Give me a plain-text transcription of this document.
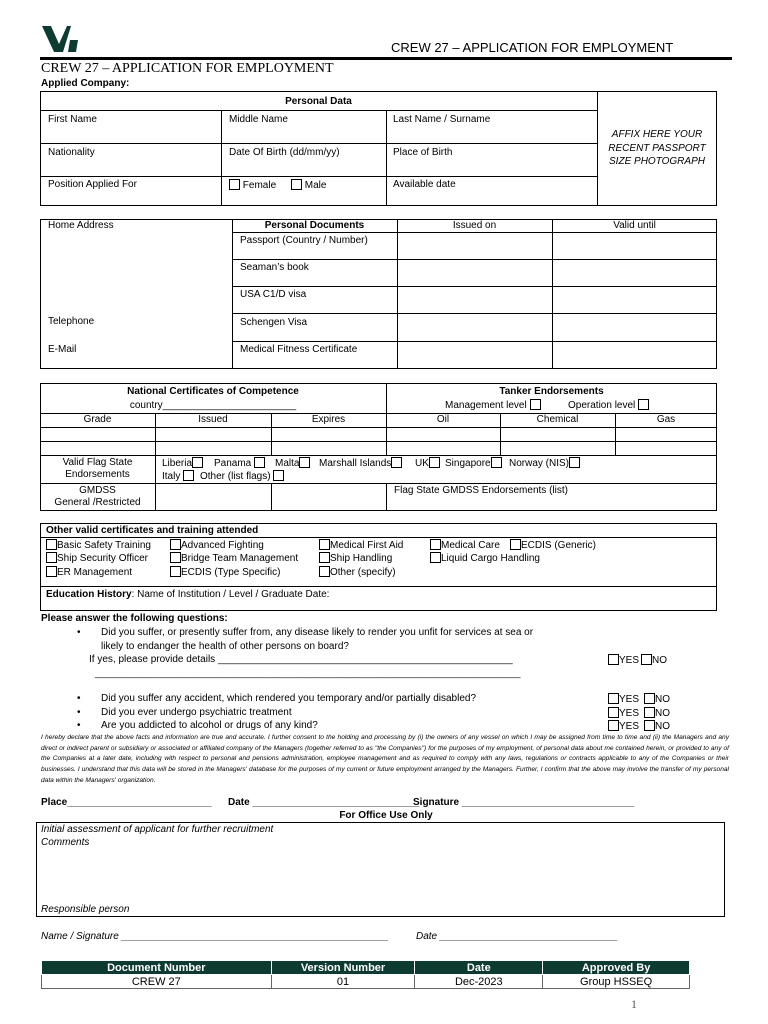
CREW 27 – APPLICATION FOR EMPLOYMENT
CREW 27 – APPLICATION FOR EMPLOYMENT
Applied Company:
Personal Data
First Name	Middle Name	Last Name / Surname
Nationality	Date Of Birth (dd/mm/yy)	Place of Birth
Position Applied For	Female	Male	Available date
AFFIX HERE YOUR
RECENT PASSPORT
SIZE PHOTOGRAPH
Home Address
Telephone
E-Mail
Personal Documents	Issued on	Valid until
Passport (Country / Number)
Seaman’s book
USA C1/D visa
Schengen Visa
Medical Fitness Certificate
National Certificates of Competence
country________________________
Tanker Endorsements
Management level	Operation level
Grade	Issued	Expires	Oil	Chemical	Gas
Valid Flag State
Endorsements
Liberia	Panama	Malta	Marshall Islands	UK	Singapore	Norway (NIS)
Italy	Other (list flags)
GMDSS
General /Restricted
Flag State GMDSS Endorsements (list)
Other valid certificates and training attended
Basic Safety Training	Advanced Fighting	Medical First Aid	Medical Care	ECDIS (Generic)
Ship Security Officer	Bridge Team Management	Ship Handling	Liquid Cargo Handling
ER Management	ECDIS (Type Specific)	Other (specify)
Education History: Name of Institution / Level / Graduate Date:
Please answer the following questions:
• Did you suffer, or presently suffer from, any disease likely to render you unfit for services at sea or
likely to endanger the health of other persons on board?
If yes, please provide details _____________________________________________________
_____________________________________________________________________________________
YES	NO
• Did you suffer any accident, which rendered you temporary and/or partially disabled?	YES	NO
• Did you ever undergo psychiatric treatment	YES	NO
• Are you addicted to alcohol or drugs of any kind?	YES	NO
I hereby declare that the above facts and information are true and accurate. I further consent to the holding and processing by (i) the owners of any vessel on which I may be assigned from time to time and (ii) the Managers and any direct or indirect parent or subsidiary or associated or affiliated company of the Managers (together referred to as "the Companies") for the purposes of my employment, of personal data about me contained herein, or provided to any of the Companies at a later date, including with respect to personal and pensions administration, employee management and as required to comply with any laws, regulations or contracts applicable to any of the Companies or their businesses. I understand that this data will be stored in the Managers' database for the purposes of my current or future employment arranged by the Managers. Further, I confirm that the above may involve the transfer of my personal data within the Managers' organization.
Place__________________________ Date ______________________________
Signature _______________________________
For Office Use Only
Initial assessment of applicant for further recruitment
Comments
Responsible person
Name / Signature ________________________________________________	Date ________________________________
Document Number	Version Number	Date	Approved By
CREW 27	01	Dec-2023	Group HSSEQ
1
